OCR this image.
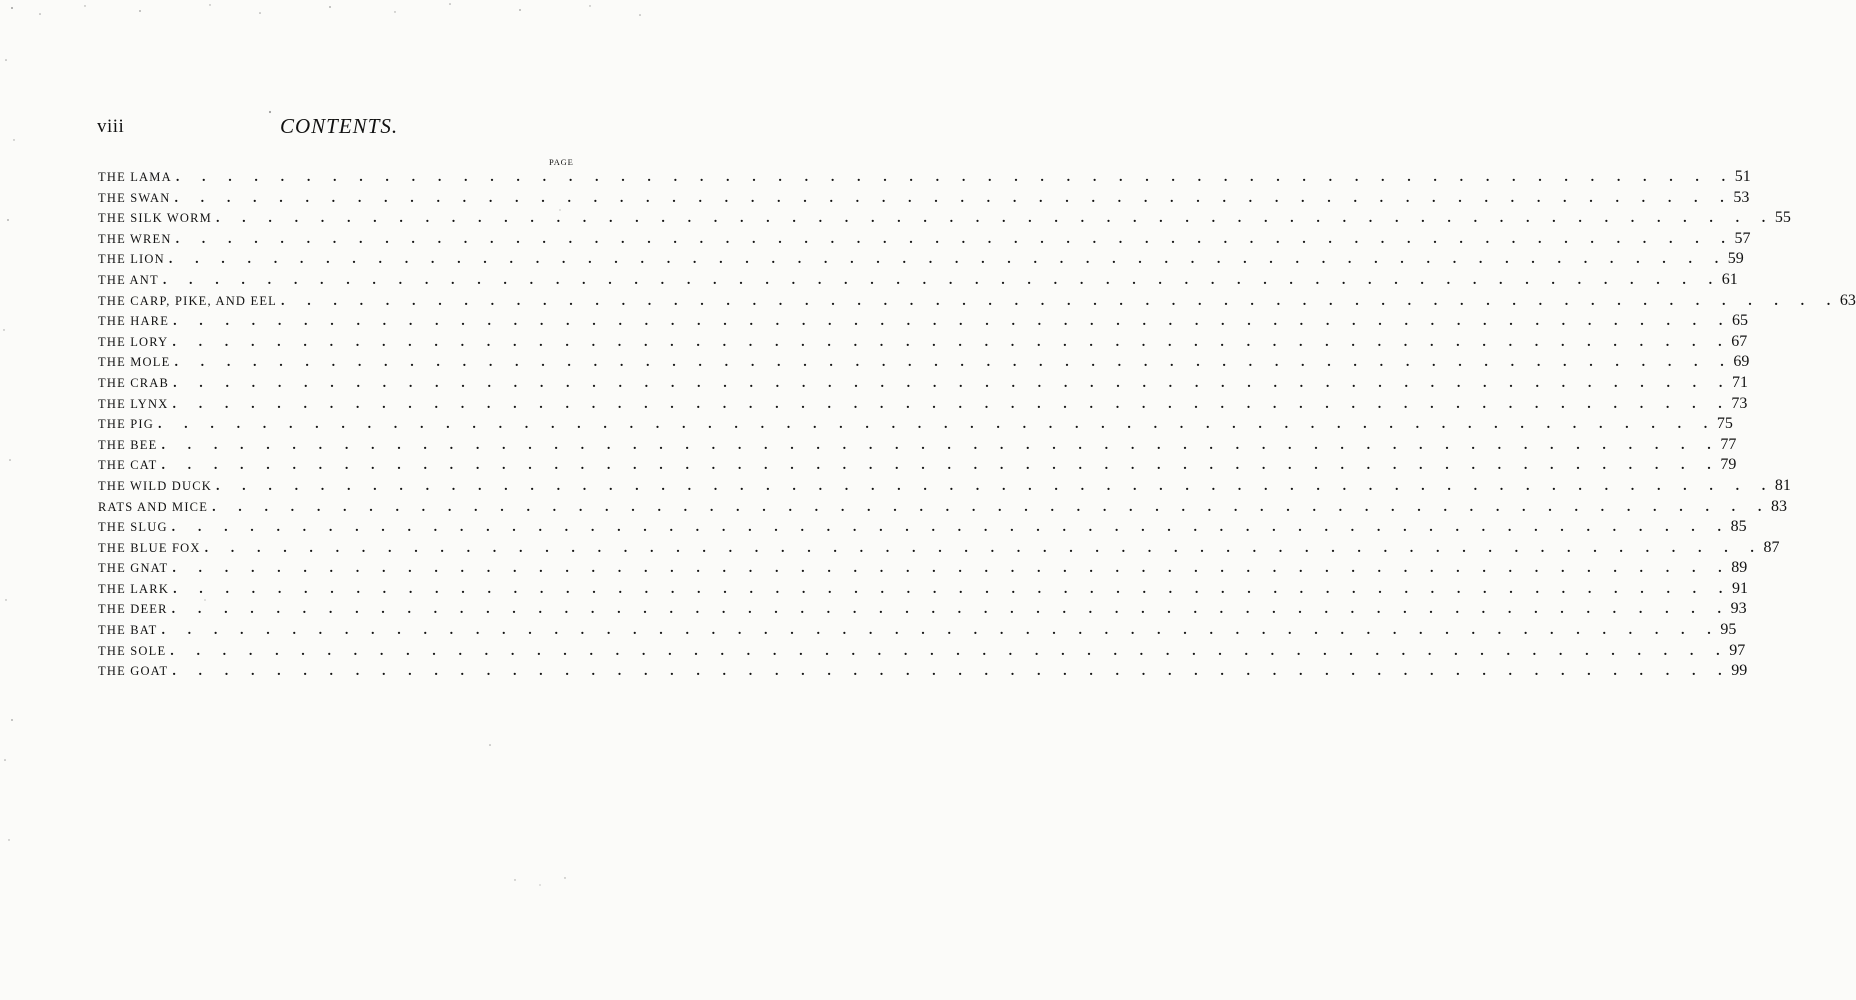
viii	CONTENTS.
PAGE
THE LAMA . . . . . . . . . . . . . . . . . . . . . . . . . . . . . . . . . . . . . . . . . . . . . . . . . . . . . . . . . . . . 51
THE SWAN . . . . . . . . . . . . . . . . . . . . . . . . . . . . . . . . . . . . . . . . . . . . . . . . . . . . . . . . . . . . 53
THE SILK WORM . . . . . . . . . . . . . . . . . . . . . . . . . . . . . . . . . . . . . . . . . . . . . . . . . . . . . . . . . . . . 55
THE WREN . . . . . . . . . . . . . . . . . . . . . . . . . . . . . . . . . . . . . . . . . . . . . . . . . . . . . . . . . . . . 57
THE LION . . . . . . . . . . . . . . . . . . . . . . . . . . . . . . . . . . . . . . . . . . . . . . . . . . . . . . . . . . . . 59
THE ANT . . . . . . . . . . . . . . . . . . . . . . . . . . . . . . . . . . . . . . . . . . . . . . . . . . . . . . . . . . . . 61
THE CARP, PIKE, AND EEL . . . . . . . . . . . . . . . . . . . . . . . . . . . . . . . . . . . . . . . . . . . . . . . . . . . . . . . . . . . . 63
THE HARE . . . . . . . . . . . . . . . . . . . . . . . . . . . . . . . . . . . . . . . . . . . . . . . . . . . . . . . . . . . . 65
THE LORY . . . . . . . . . . . . . . . . . . . . . . . . . . . . . . . . . . . . . . . . . . . . . . . . . . . . . . . . . . . . 67
THE MOLE . . . . . . . . . . . . . . . . . . . . . . . . . . . . . . . . . . . . . . . . . . . . . . . . . . . . . . . . . . . . 69
THE CRAB . . . . . . . . . . . . . . . . . . . . . . . . . . . . . . . . . . . . . . . . . . . . . . . . . . . . . . . . . . . . 71
THE LYNX . . . . . . . . . . . . . . . . . . . . . . . . . . . . . . . . . . . . . . . . . . . . . . . . . . . . . . . . . . . . 73
THE PIG . . . . . . . . . . . . . . . . . . . . . . . . . . . . . . . . . . . . . . . . . . . . . . . . . . . . . . . . . . . . 75
THE BEE . . . . . . . . . . . . . . . . . . . . . . . . . . . . . . . . . . . . . . . . . . . . . . . . . . . . . . . . . . . . 77
THE CAT . . . . . . . . . . . . . . . . . . . . . . . . . . . . . . . . . . . . . . . . . . . . . . . . . . . . . . . . . . . . 79
THE WILD DUCK . . . . . . . . . . . . . . . . . . . . . . . . . . . . . . . . . . . . . . . . . . . . . . . . . . . . . . . . . . . . 81
RATS AND MICE . . . . . . . . . . . . . . . . . . . . . . . . . . . . . . . . . . . . . . . . . . . . . . . . . . . . . . . . . . . . 83
THE SLUG . . . . . . . . . . . . . . . . . . . . . . . . . . . . . . . . . . . . . . . . . . . . . . . . . . . . . . . . . . . . 85
THE BLUE FOX . . . . . . . . . . . . . . . . . . . . . . . . . . . . . . . . . . . . . . . . . . . . . . . . . . . . . . . . . . . . 87
THE GNAT . . . . . . . . . . . . . . . . . . . . . . . . . . . . . . . . . . . . . . . . . . . . . . . . . . . . . . . . . . . . 89
THE LARK . . . . . . . . . . . . . . . . . . . . . . . . . . . . . . . . . . . . . . . . . . . . . . . . . . . . . . . . . . . . 91
THE DEER . . . . . . . . . . . . . . . . . . . . . . . . . . . . . . . . . . . . . . . . . . . . . . . . . . . . . . . . . . . . 93
THE BAT . . . . . . . . . . . . . . . . . . . . . . . . . . . . . . . . . . . . . . . . . . . . . . . . . . . . . . . . . . . . 95
THE SOLE . . . . . . . . . . . . . . . . . . . . . . . . . . . . . . . . . . . . . . . . . . . . . . . . . . . . . . . . . . . . 97
THE GOAT . . . . . . . . . . . . . . . . . . . . . . . . . . . . . . . . . . . . . . . . . . . . . . . . . . . . . . . . . . . . 99
